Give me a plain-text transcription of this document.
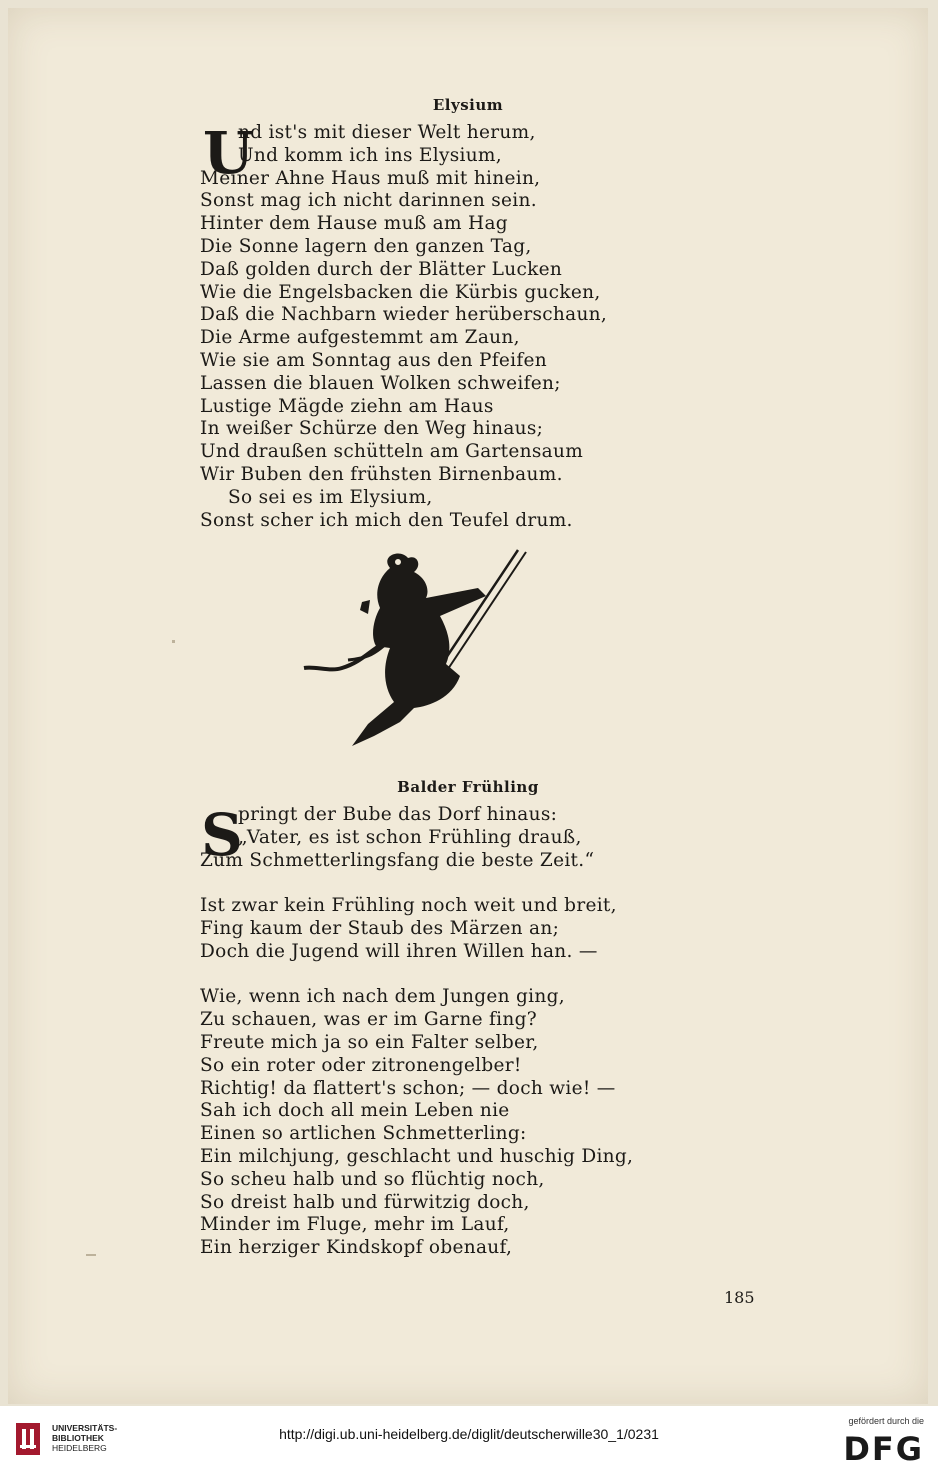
Elysium
U
nd ist's mit dieser Welt herum,
Und komm ich ins Elysium,
Meiner Ahne Haus muß mit hinein,
Sonst mag ich nicht darinnen sein.
Hinter dem Hause muß am Hag
Die Sonne lagern den ganzen Tag,
Daß golden durch der Blätter Lucken
Wie die Engelsbacken die Kürbis gucken,
Daß die Nachbarn wieder herüberschaun,
Die Arme aufgestemmt am Zaun,
Wie sie am Sonntag aus den Pfeifen
Lassen die blauen Wolken schweifen;
Lustige Mägde ziehn am Haus
In weißer Schürze den Weg hinaus;
Und draußen schütteln am Gartensaum
Wir Buben den frühsten Birnenbaum.
So sei es im Elysium,
Sonst scher ich mich den Teufel drum.
Balder Frühling
S
pringt der Bube das Dorf hinaus:
„Vater, es ist schon Frühling drauß,
Zum Schmetterlingsfang die beste Zeit.“
Ist zwar kein Frühling noch weit und breit,
Fing kaum der Staub des Märzen an;
Doch die Jugend will ihren Willen han. —
Wie, wenn ich nach dem Jungen ging,
Zu schauen, was er im Garne fing?
Freute mich ja so ein Falter selber,
So ein roter oder zitronengelber!
Richtig! da flattert's schon; — doch wie! —
Sah ich doch all mein Leben nie
Einen so artlichen Schmetterling:
Ein milchjung, geschlacht und huschig Ding,
So scheu halb und so flüchtig noch,
So dreist halb und fürwitzig doch,
Minder im Fluge, mehr im Lauf,
Ein herziger Kindskopf obenauf,
185
UNIVERSITÄTS-
BIBLIOTHEK
HEIDELBERG
http://digi.ub.uni-heidelberg.de/diglit/deutscherwille30_1/0231
gefördert durch die
DFG
